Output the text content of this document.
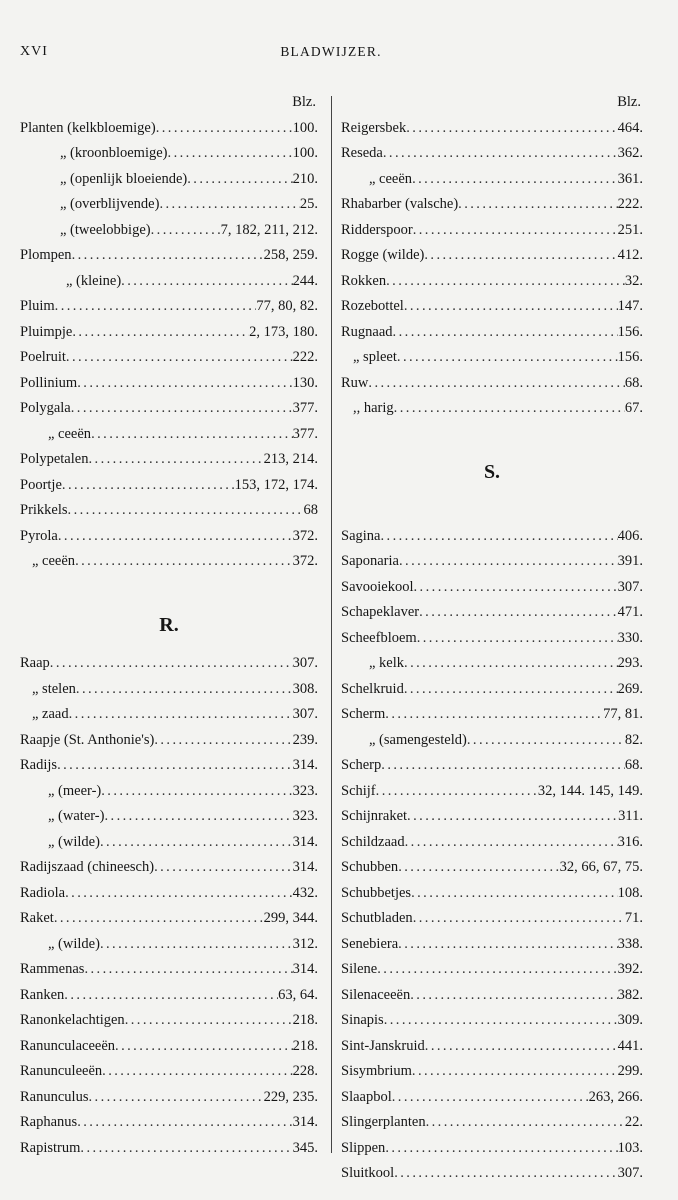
XVI	BLADWIJZER.
Blz.
Planten (kelkbloemige) . . .	100.
„ (kroonbloemige) . . .	100.
„ (openlijk bloeiende) . . .	210.
„ (overblijvende) . . .	25.
„ (tweelobbige) . . .	7, 182, 211, 212.
Plompen . . .	258, 259.
„ (kleine) . . .	244.
Pluim . . .	77, 80, 82.
Pluimpje . . .	2, 173, 180.
Poelruit . . .	222.
Pollinium . . .	130.
Polygala . . .	377.
„ ceeën . . .	377.
Polypetalen . . .	213, 214.
Poortje . . .	153, 172, 174.
Prikkels . . .	68
Pyrola . . .	372.
„ ceeën . . .	372.
R.
Raap . . .	307.
„ stelen . . .	308.
„ zaad . . .	307.
Raapje (St. Anthonie's) . . .	239.
Radijs . . .	314.
„ (meer-) . . .	323.
„ (water-) . . .	323.
„ (wilde) . . .	314.
Radijszaad (chineesch) . . .	314.
Radiola . . .	432.
Raket . . .	299, 344.
„ (wilde) . . .	312.
Rammenas . . .	314.
Ranken . . .	63, 64.
Ranonkelachtigen . . .	218.
Ranunculaceeën . . .	218.
Ranunculeeën . . .	228.
Ranunculus . . .	229, 235.
Raphanus . . .	314.
Rapistrum . . .	345.
Blz.
Reigersbek . . .	464.
Reseda . . .	362.
„ ceeën . . .	361.
Rhabarber (valsche) . . .	222.
Ridderspoor . . .	251.
Rogge (wilde) . . .	412.
Rokken . . .	32.
Rozebottel . . .	147.
Rugnaad . . .	156.
„ spleet . . .	156.
Ruw . . .	68.
,, harig . . .	67.
S.
Sagina . . .	406.
Saponaria . . .	391.
Savooiekool . . .	307.
Schapeklaver . . .	471.
Scheefbloem . . .	330.
„ kelk . . .	293.
Schelkruid . . .	269.
Scherm . . .	77, 81.
„ (samengesteld) . . .	82.
Scherp . . .	68.
Schijf . . .	32, 144. 145, 149.
Schijnraket . . .	311.
Schildzaad . . .	316.
Schubben . . .	32, 66, 67, 75.
Schubbetjes . . .	108.
Schutbladen . . .	71.
Senebiera . . .	338.
Silene . . .	392.
Silenaceeën . . .	382.
Sinapis . . .	309.
Sint-Janskruid . . .	441.
Sisymbrium . . .	299.
Slaapbol . . .	263, 266.
Slingerplanten . . .	22.
Slippen . . .	103.
Sluitkool . . .	307.
